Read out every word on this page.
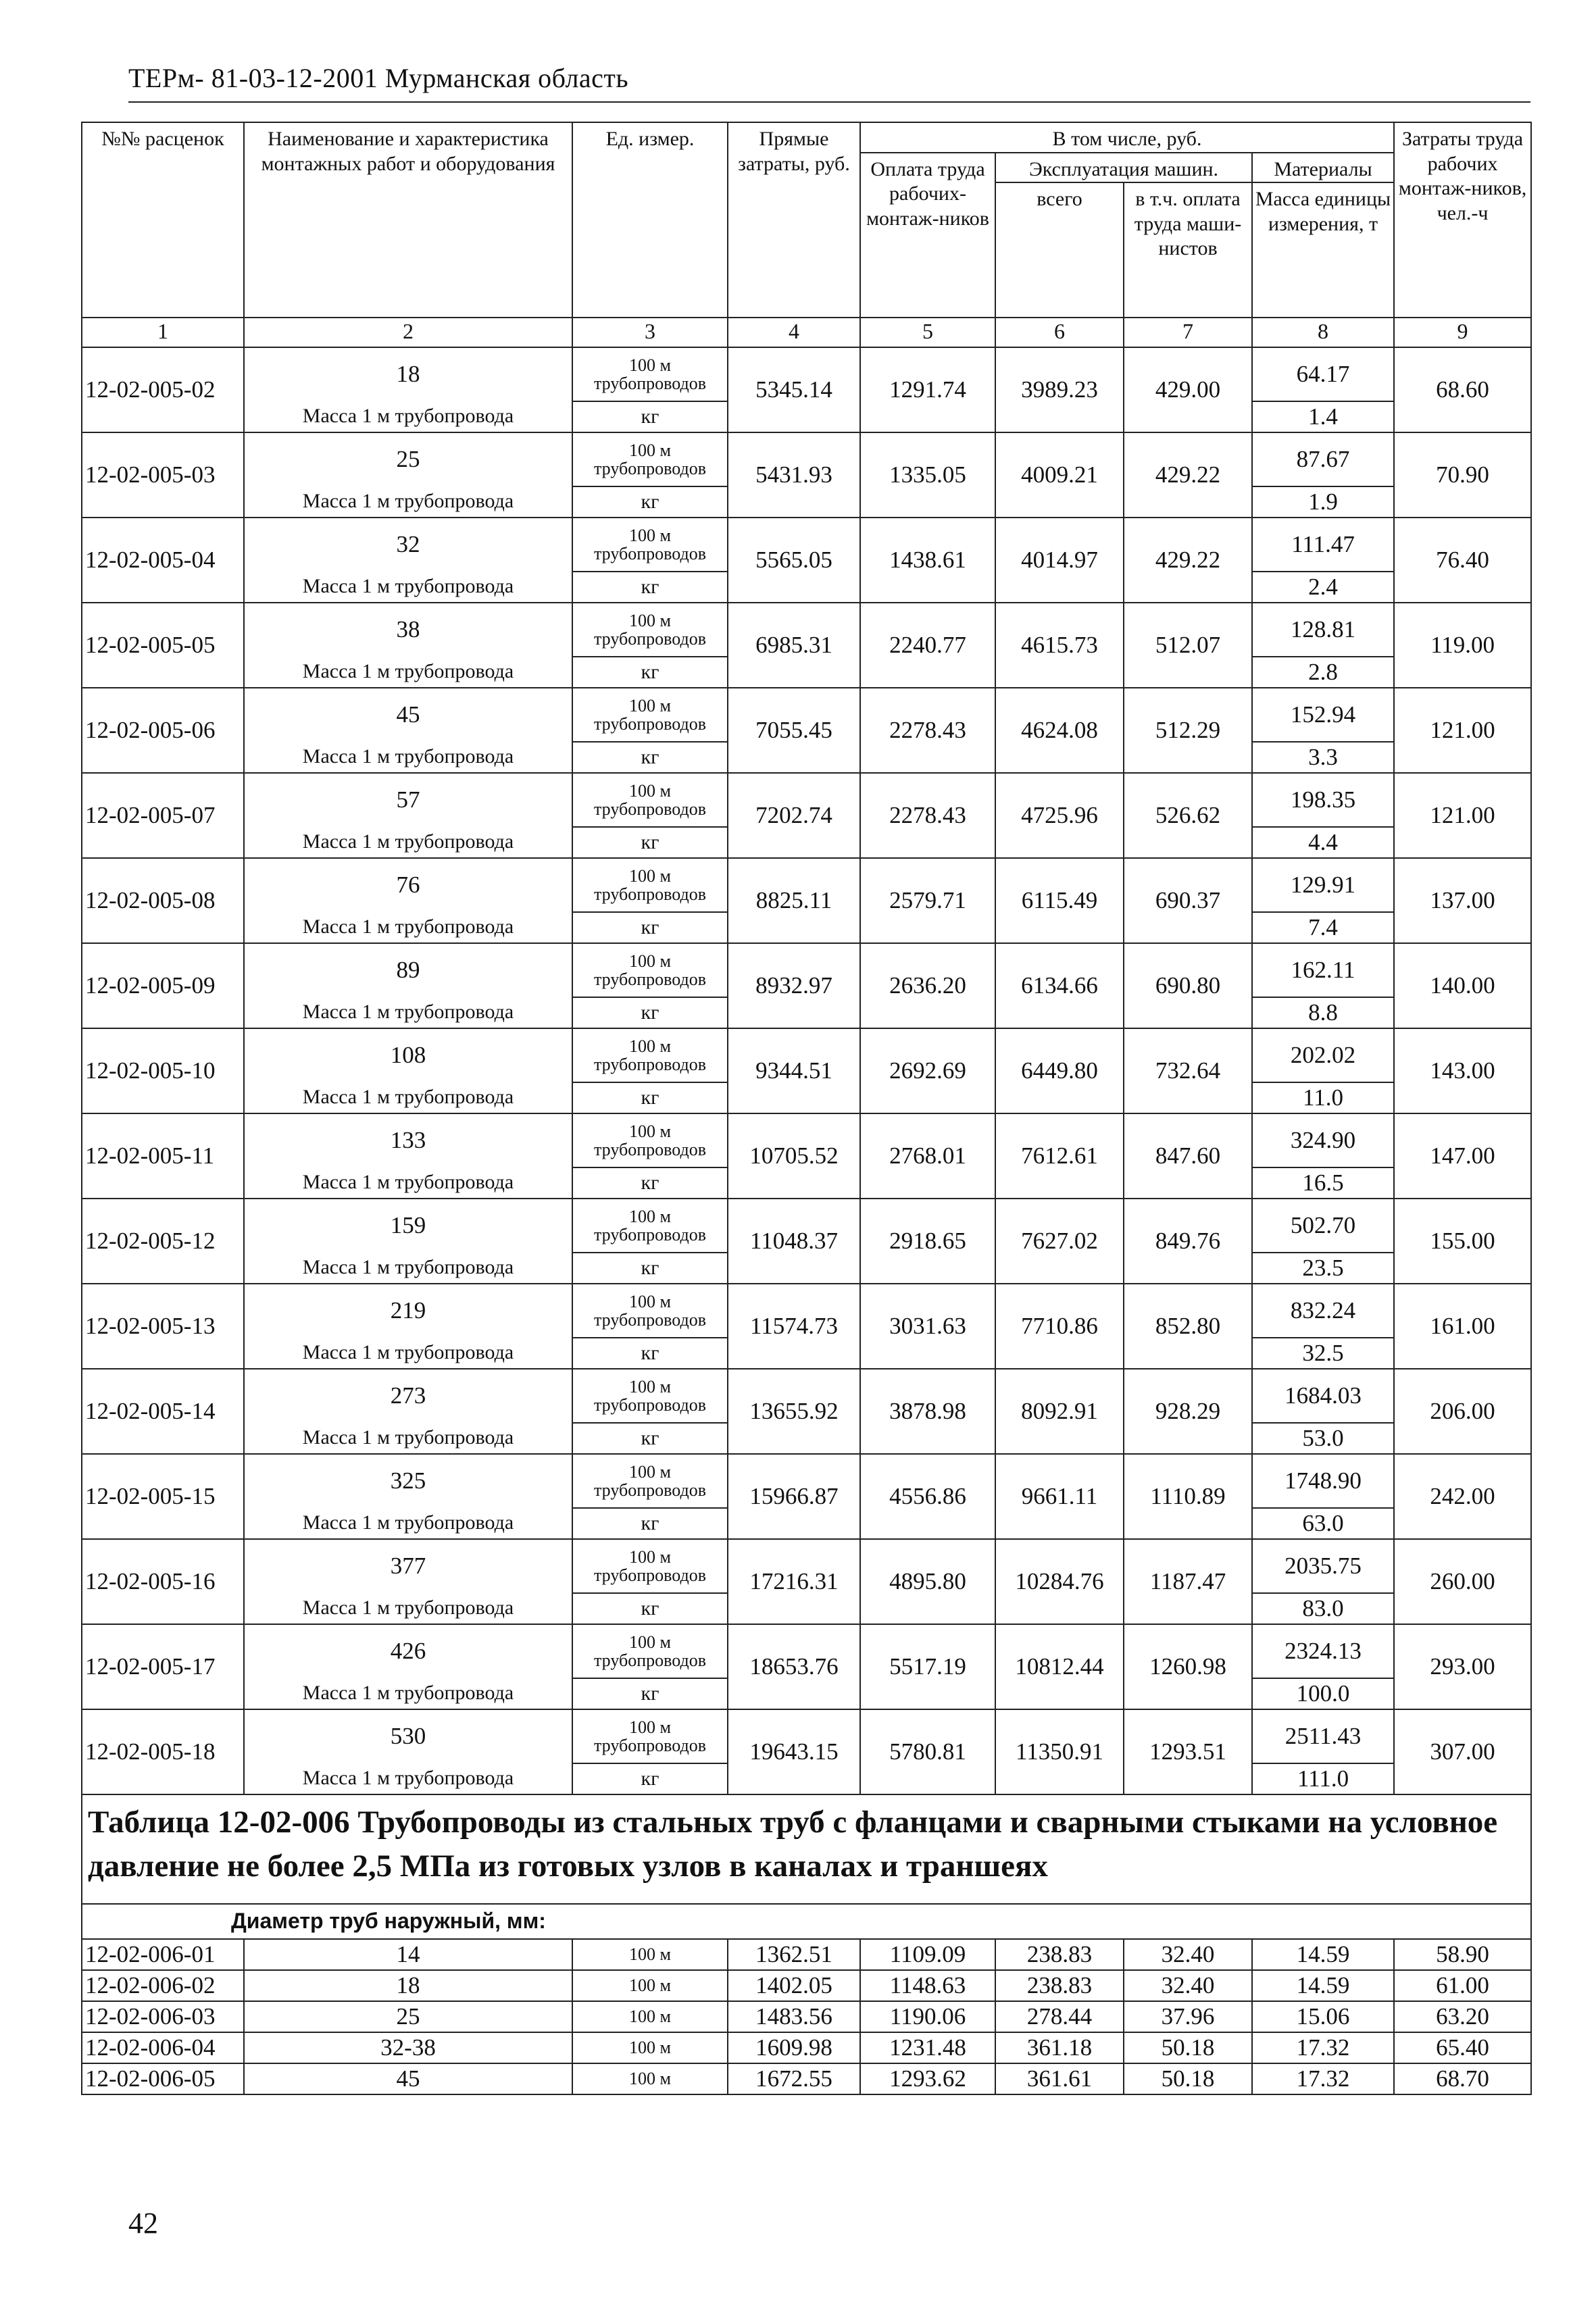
ТЕРм- 81-03-12-2001 Мурманская область
№№ расценок	Наименование и характеристика монтажных работ и оборудования	Ед. измер.	Прямые затраты, руб.	В том числе, руб.				Затраты труда рабочих монтаж-ников, чел.-ч
				Оплата труда рабочих-монтаж-ников	Эксплуатация машин.		Материалы	
					всего	в т.ч. оплата труда маши-нистов	Масса единицы измерения, т	
1	2	3	4	5	6	7	8	9
12-02-005-02	18	100 м трубопроводов	5345.14	1291.74	3989.23	429.00	64.17	68.60
	Масса 1 м трубопровода	кг					1.4	
12-02-005-03	25	100 м трубопроводов	5431.93	1335.05	4009.21	429.22	87.67	70.90
	Масса 1 м трубопровода	кг					1.9	
12-02-005-04	32	100 м трубопроводов	5565.05	1438.61	4014.97	429.22	111.47	76.40
	Масса 1 м трубопровода	кг					2.4	
12-02-005-05	38	100 м трубопроводов	6985.31	2240.77	4615.73	512.07	128.81	119.00
	Масса 1 м трубопровода	кг					2.8	
12-02-005-06	45	100 м трубопроводов	7055.45	2278.43	4624.08	512.29	152.94	121.00
	Масса 1 м трубопровода	кг					3.3	
12-02-005-07	57	100 м трубопроводов	7202.74	2278.43	4725.96	526.62	198.35	121.00
	Масса 1 м трубопровода	кг					4.4	
12-02-005-08	76	100 м трубопроводов	8825.11	2579.71	6115.49	690.37	129.91	137.00
	Масса 1 м трубопровода	кг					7.4	
12-02-005-09	89	100 м трубопроводов	8932.97	2636.20	6134.66	690.80	162.11	140.00
	Масса 1 м трубопровода	кг					8.8	
12-02-005-10	108	100 м трубопроводов	9344.51	2692.69	6449.80	732.64	202.02	143.00
	Масса 1 м трубопровода	кг					11.0	
12-02-005-11	133	100 м трубопроводов	10705.52	2768.01	7612.61	847.60	324.90	147.00
	Масса 1 м трубопровода	кг					16.5	
12-02-005-12	159	100 м трубопроводов	11048.37	2918.65	7627.02	849.76	502.70	155.00
	Масса 1 м трубопровода	кг					23.5	
12-02-005-13	219	100 м трубопроводов	11574.73	3031.63	7710.86	852.80	832.24	161.00
	Масса 1 м трубопровода	кг					32.5	
12-02-005-14	273	100 м трубопроводов	13655.92	3878.98	8092.91	928.29	1684.03	206.00
	Масса 1 м трубопровода	кг					53.0	
12-02-005-15	325	100 м трубопроводов	15966.87	4556.86	9661.11	1110.89	1748.90	242.00
	Масса 1 м трубопровода	кг					63.0	
12-02-005-16	377	100 м трубопроводов	17216.31	4895.80	10284.76	1187.47	2035.75	260.00
	Масса 1 м трубопровода	кг					83.0	
12-02-005-17	426	100 м трубопроводов	18653.76	5517.19	10812.44	1260.98	2324.13	293.00
	Масса 1 м трубопровода	кг					100.0	
12-02-005-18	530	100 м трубопроводов	19643.15	5780.81	11350.91	1293.51	2511.43	307.00
	Масса 1 м трубопровода	кг					111.0	
Таблица 12-02-006 Трубопроводы из стальных труб с фланцами и сварными стыками на условное давление не более 2,5 МПа из готовых узлов в каналах и траншеях								
Диаметр труб наружный, мм:								
12-02-006-01	14	100 м	1362.51	1109.09	238.83	32.40	14.59	58.90
12-02-006-02	18	100 м	1402.05	1148.63	238.83	32.40	14.59	61.00
12-02-006-03	25	100 м	1483.56	1190.06	278.44	37.96	15.06	63.20
12-02-006-04	32-38	100 м	1609.98	1231.48	361.18	50.18	17.32	65.40
12-02-006-05	45	100 м	1672.55	1293.62	361.61	50.18	17.32	68.70
42
